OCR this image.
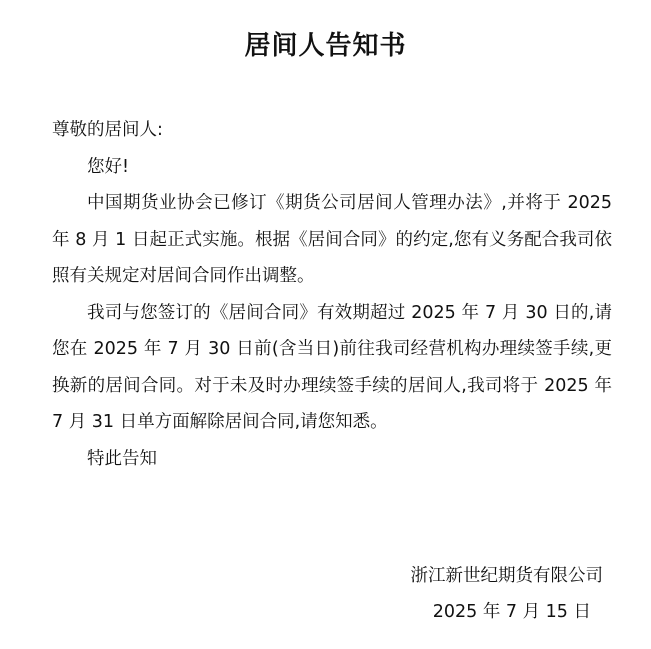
居间人告知书

尊敬的居间人:

您好!

中国期货业协会已修订《期货公司居间人管理办法》,并将于 2025 年 8 月 1 日起正式实施。根据《居间合同》的约定,您有义务配合我司依照有关规定对居间合同作出调整。

我司与您签订的《居间合同》有效期超过 2025 年 7 月 30 日的,请您在 2025 年 7 月 30 日前(含当日)前往我司经营机构办理续签手续,更换新的居间合同。对于未及时办理续签手续的居间人,我司将于 2025 年 7 月 31 日单方面解除居间合同,请您知悉。

特此告知

浙江新世纪期货有限公司
2025 年 7 月 15 日
